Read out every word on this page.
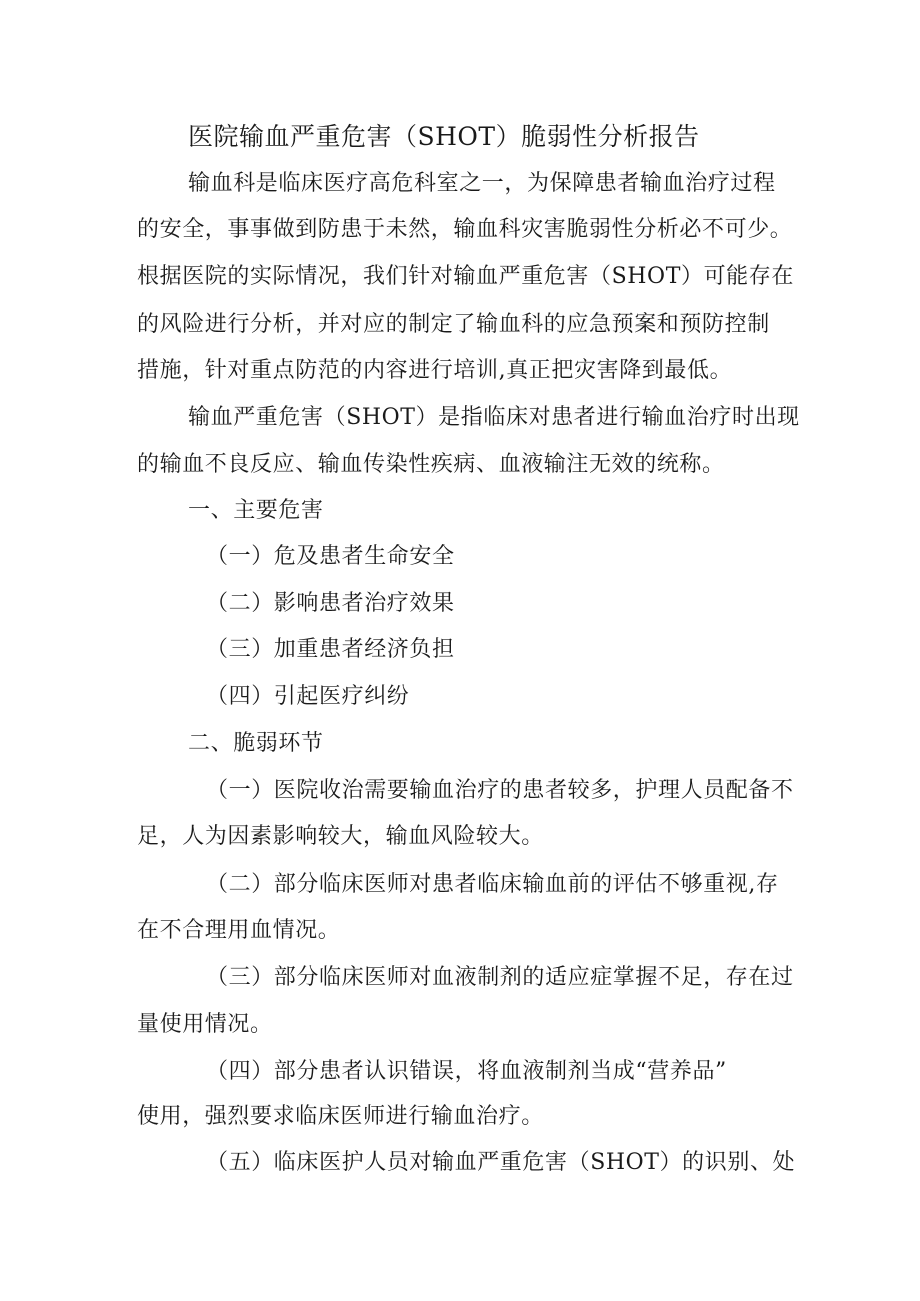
医院输血严重危害（SHOT）脆弱性分析报告
输血科是临床医疗高危科室之一，为保障患者输血治疗过程
的安全，事事做到防患于未然，输血科灾害脆弱性分析必不可少。
根据医院的实际情况，我们针对输血严重危害（SHOT）可能存在
的风险进行分析，并对应的制定了输血科的应急预案和预防控制
措施，针对重点防范的内容进行培训,真正把灾害降到最低。
输血严重危害（SHOT）是指临床对患者进行输血治疗时出现
的输血不良反应、输血传染性疾病、血液输注无效的统称。
一、主要危害
（一）危及患者生命安全
（二）影响患者治疗效果
（三）加重患者经济负担
（四）引起医疗纠纷
二、脆弱环节
（一）医院收治需要输血治疗的患者较多，护理人员配备不
足，人为因素影响较大，输血风险较大。
（二）部分临床医师对患者临床输血前的评估不够重视,存
在不合理用血情况。
（三）部分临床医师对血液制剂的适应症掌握不足，存在过
量使用情况。
（四）部分患者认识错误，将血液制剂当成“营养品”
使用，强烈要求临床医师进行输血治疗。
（五）临床医护人员对输血严重危害（SHOT）的识别、处
